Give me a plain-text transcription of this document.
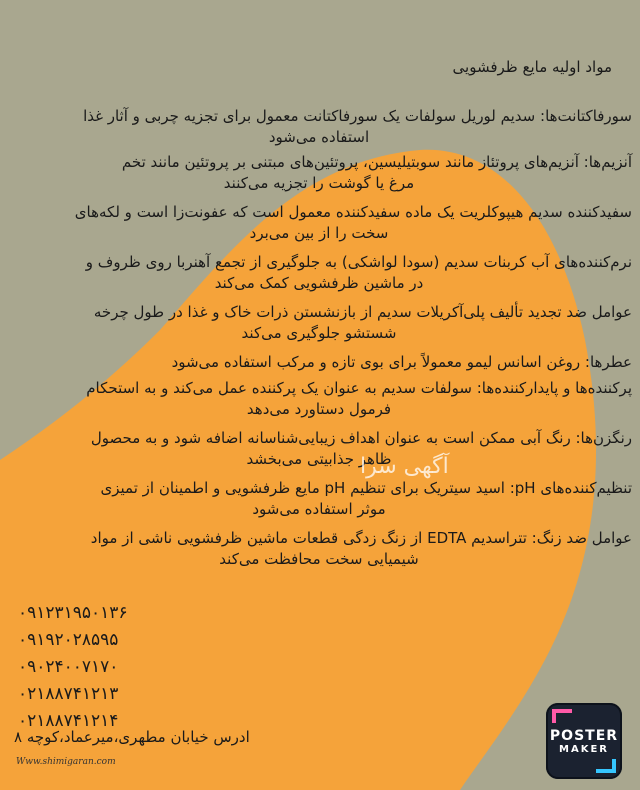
مواد اولیه مایع ظرفشویی
سورفاکتانت‌ها: سدیم لوریل سولفات یک سورفاکتانت معمول برای تجزیه چربی و آثار غذا
استفاده می‌شود
آنزیم‌ها: آنزیم‌های پروتئاز مانند سوبتیلیسین، پروتئین‌های مبتنی بر پروتئین مانند تخم
مرغ یا گوشت را تجزیه می‌کنند
سفیدکننده سدیم هیپوکلریت یک ماده سفیدکننده معمول است که عفونت‌زا است و لکه‌های
سخت را از بین می‌برد
نرم‌کننده‌های آب کربنات سدیم (سودا لواشکی) به جلوگیری از تجمع آهنربا روی ظروف و
در ماشین ظرفشویی کمک می‌کند
عوامل ضد تجدید تألیف پلی‌آکریلات سدیم از بازنشستن ذرات خاک و غذا در طول چرخه
شستشو جلوگیری می‌کند
عطرها: روغن اسانس لیمو معمولاً برای بوی تازه و مرکب استفاده می‌شود
پرکننده‌ها و پایدارکننده‌ها: سولفات سدیم به عنوان یک پرکننده عمل می‌کند و به استحکام
فرمول دستاورد می‌دهد
رنگزن‌ها: رنگ آبی ممکن است به عنوان اهداف زیبایی‌شناسانه اضافه شود و به محصول
ظاهر جذابیتی می‌بخشد
تنظیم‌کننده‌های pH: اسید سیتریک برای تنظیم pH مایع ظرفشویی و اطمینان از تمیزی
موثر استفاده می‌شود
عوامل ضد زنگ: تتراسدیم EDTA از زنگ زدگی قطعات ماشین ظرفشویی ناشی از مواد
شیمیایی سخت محافظت می‌کند
آگهی سرا
۰۹۱۲۳۱۹۵۰۱۳۶
۰۹۱۹۲۰۲۸۵۹۵
۰۹۰۲۴۰۰۷۱۷۰
۰۲۱۸۸۷۴۱۲۱۳
۰۲۱۸۸۷۴۱۲۱۴
ادرس خیابان مطهری،میرعماد،کوچه ۸
Www.shimigaran.com
POSTER
MAKER
